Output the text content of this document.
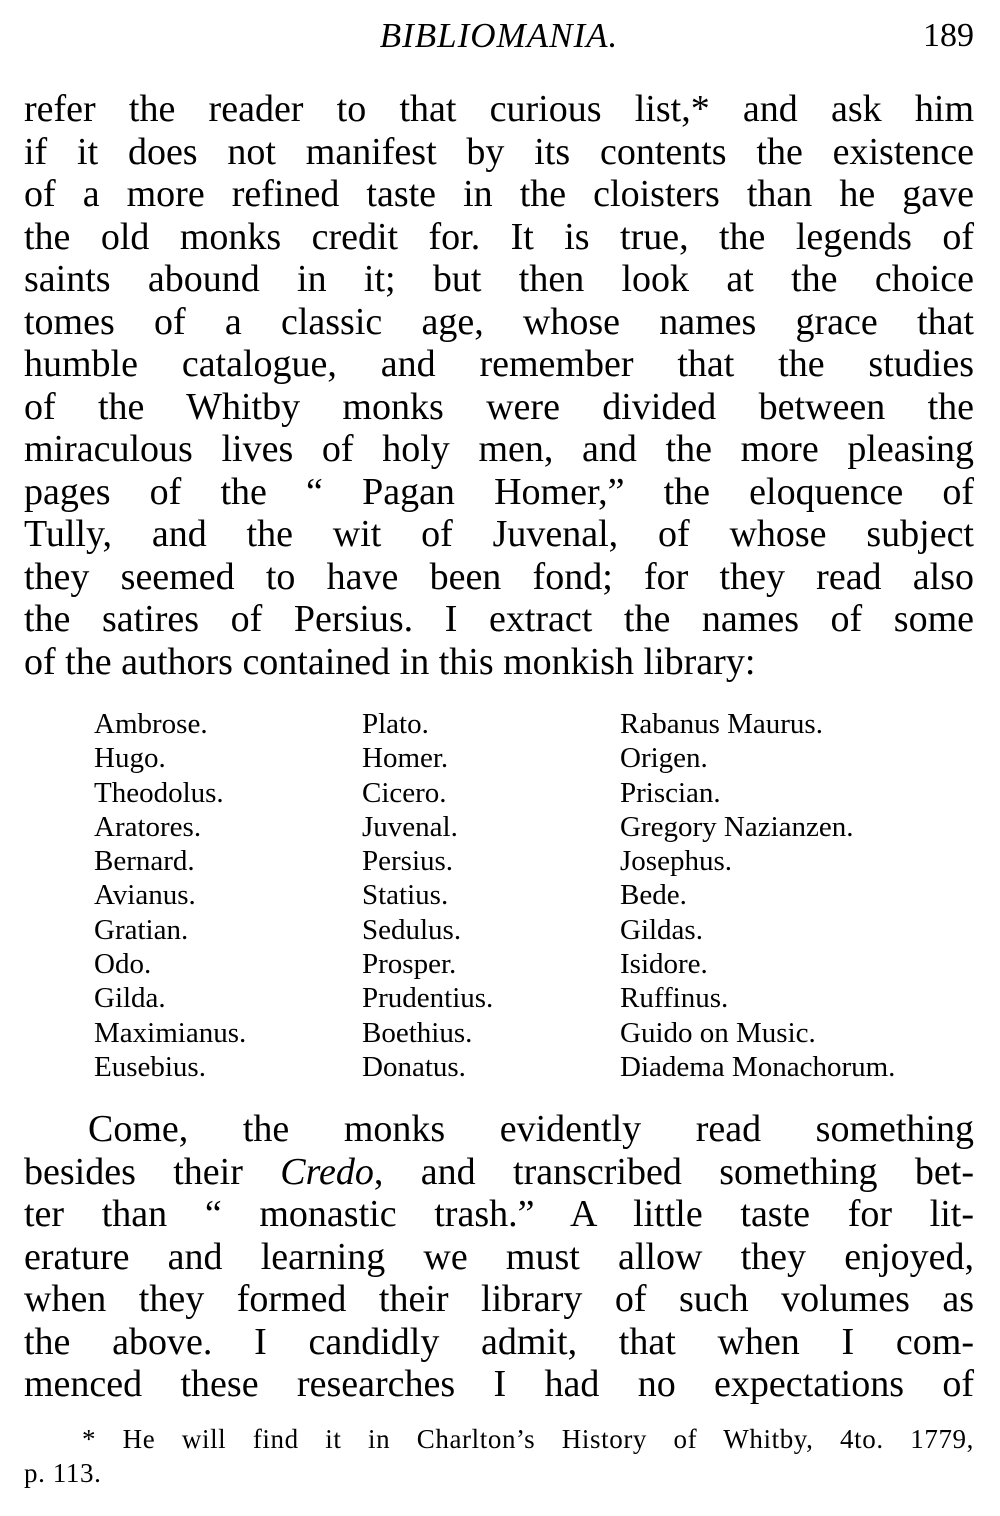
BIBLIOMANIA.	189
refer the reader to that curious list,* and ask him
if it does not manifest by its contents the existence
of a more refined taste in the cloisters than he gave
the old monks credit for. It is true, the legends of
saints abound in it; but then look at the choice
tomes of a classic age, whose names grace that
humble catalogue, and remember that the studies
of the Whitby monks were divided between the
miraculous lives of holy men, and the more pleasing
pages of the “ Pagan Homer,” the eloquence of
Tully, and the wit of Juvenal, of whose subject
they seemed to have been fond; for they read also
the satires of Persius. I extract the names of some
of the authors contained in this monkish library:
Ambrose.
Hugo.
Theodolus.
Aratores.
Bernard.
Avianus.
Gratian.
Odo.
Gilda.
Maximianus.
Eusebius.
Plato.
Homer.
Cicero.
Juvenal.
Persius.
Statius.
Sedulus.
Prosper.
Prudentius.
Boethius.
Donatus.
Rabanus Maurus.
Origen.
Priscian.
Gregory Nazianzen.
Josephus.
Bede.
Gildas.
Isidore.
Ruffinus.
Guido on Music.
Diadema Monachorum.
Come, the monks evidently read something
besides their Credo, and transcribed something bet-
ter than “ monastic trash.” A little taste for lit-
erature and learning we must allow they enjoyed,
when they formed their library of such volumes as
the above. I candidly admit, that when I com-
menced these researches I had no expectations of
* He will find it in Charlton’s History of Whitby, 4to. 1779,
p. 113.
